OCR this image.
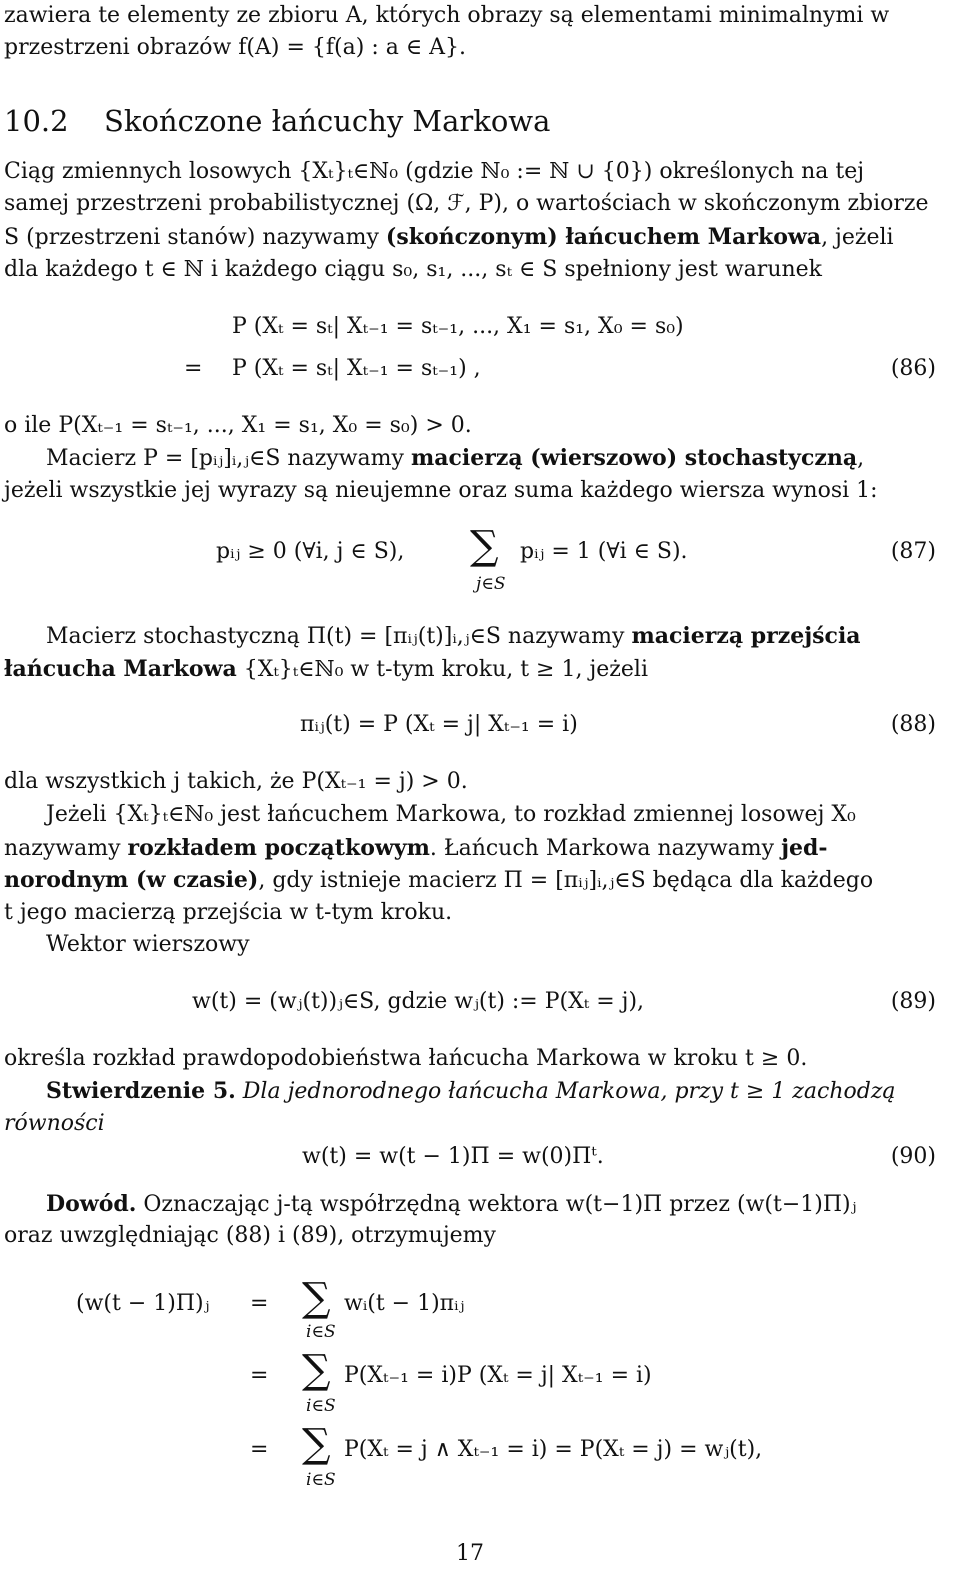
zawiera te elementy ze zbioru A, których obrazy są elementami minimalnymi w
przestrzeni obrazów f(A) = {f(a) : a ∈ A}.
10.2 Skończone łańcuchy Markowa
Ciąg zmiennych losowych {Xₜ}ₜ∈ℕ₀ (gdzie ℕ₀ := ℕ ∪ {0}) określonych na tej
samej przestrzeni probabilistycznej (Ω, ℱ, P), o wartościach w skończonym zbiorze
S (przestrzeni stanów) nazywamy (skończonym) łańcuchem Markowa, jeżeli
dla każdego t ∈ ℕ i każdego ciągu s₀, s₁, ..., sₜ ∈ S spełniony jest warunek
P (Xₜ = sₜ| Xₜ₋₁ = sₜ₋₁, ..., X₁ = s₁, X₀ = s₀)
= P (Xₜ = sₜ| Xₜ₋₁ = sₜ₋₁) ,	(86)
o ile P(Xₜ₋₁ = sₜ₋₁, ..., X₁ = s₁, X₀ = s₀) > 0.
Macierz P = [pᵢⱼ]ᵢ,ⱼ∈S nazywamy macierzą (wierszowo) stochastyczną,
jeżeli wszystkie jej wyrazy są nieujemne oraz suma każdego wiersza wynosi 1:
pᵢⱼ ≥ 0 (∀i, j ∈ S), ∑
j∈S
pᵢⱼ = 1 (∀i ∈ S).	(87)
Macierz stochastyczną Π(t) = [πᵢⱼ(t)]ᵢ,ⱼ∈S nazywamy macierzą przejścia
łańcucha Markowa {Xₜ}ₜ∈ℕ₀ w t-tym kroku, t ≥ 1, jeżeli
πᵢⱼ(t) = P (Xₜ = j| Xₜ₋₁ = i)	(88)
dla wszystkich j takich, że P(Xₜ₋₁ = j) > 0.
Jeżeli {Xₜ}ₜ∈ℕ₀ jest łańcuchem Markowa, to rozkład zmiennej losowej X₀
nazywamy rozkładem początkowym. Łańcuch Markowa nazywamy jed-
norodnym (w czasie), gdy istnieje macierz Π = [πᵢⱼ]ᵢ,ⱼ∈S będąca dla każdego
t jego macierzą przejścia w t-tym kroku.
Wektor wierszowy
w(t) = (wⱼ(t))ⱼ∈S, gdzie wⱼ(t) := P(Xₜ = j),	(89)
określa rozkład prawdopodobieństwa łańcucha Markowa w kroku t ≥ 0.
Stwierdzenie 5. Dla jednorodnego łańcucha Markowa, przy t ≥ 1 zachodzą
równości
w(t) = w(t − 1)Π = w(0)Πᵗ.	(90)
Dowód. Oznaczając j-tą współrzędną wektora w(t−1)Π przez (w(t−1)Π)ⱼ
oraz uwzględniając (88) i (89), otrzymujemy
(w(t − 1)Π)ⱼ = ∑
i∈S
wᵢ(t − 1)πᵢⱼ
= ∑
i∈S
P(Xₜ₋₁ = i)P (Xₜ = j| Xₜ₋₁ = i)
= ∑
i∈S
P(Xₜ = j ∧ Xₜ₋₁ = i) = P(Xₜ = j) = wⱼ(t),
17
